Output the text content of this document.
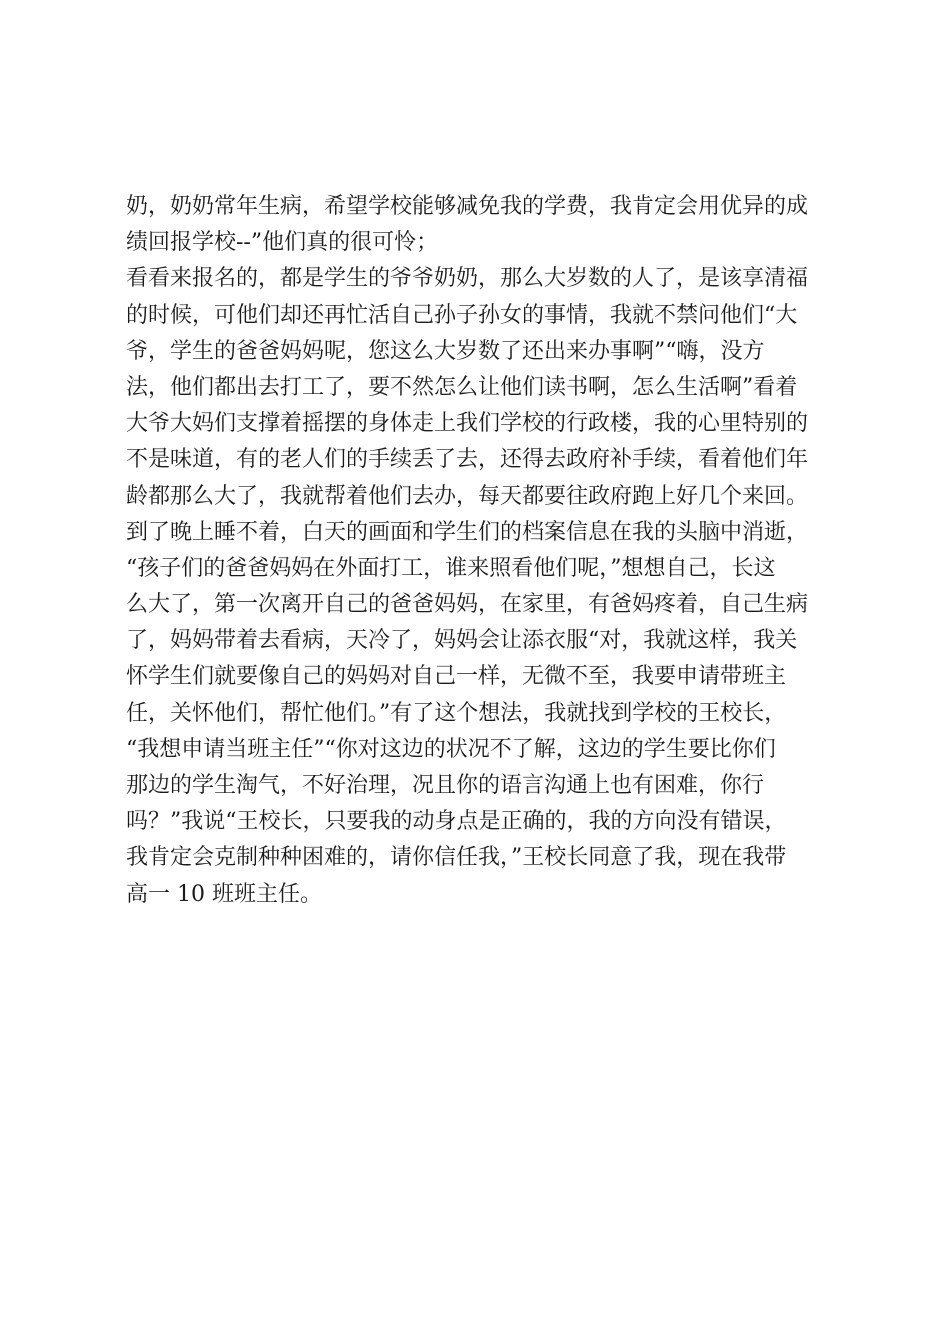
奶，奶奶常年生病，希望学校能够减免我的学费，我肯定会用优异的成
绩回报学校--”他们真的很可怜；
看看来报名的，都是学生的爷爷奶奶，那么大岁数的人了，是该享清福
的时候，可他们却还再忙活自己孙子孙女的事情，我就不禁问他们“大
爷，学生的爸爸妈妈呢，您这么大岁数了还出来办事啊”“嗨，没方
法，他们都出去打工了，要不然怎么让他们读书啊，怎么生活啊”看着
大爷大妈们支撑着摇摆的身体走上我们学校的行政楼，我的心里特别的
不是味道，有的老人们的手续丢了去，还得去政府补手续，看着他们年
龄都那么大了，我就帮着他们去办，每天都要往政府跑上好几个来回。
到了晚上睡不着，白天的画面和学生们的档案信息在我的头脑中消逝，
“孩子们的爸爸妈妈在外面打工，谁来照看他们呢，”想想自己，长这
么大了，第一次离开自己的爸爸妈妈，在家里，有爸妈疼着，自己生病
了，妈妈带着去看病，天冷了，妈妈会让添衣服“对，我就这样，我关
怀学生们就要像自己的妈妈对自己一样，无微不至，我要申请带班主
任，关怀他们，帮忙他们。”有了这个想法，我就找到学校的王校长，
“我想申请当班主任”“你对这边的状况不了解，这边的学生要比你们
那边的学生淘气，不好治理，况且你的语言沟通上也有困难，你行
吗？”我说“王校长，只要我的动身点是正确的，我的方向没有错误，
我肯定会克制种种困难的，请你信任我，”王校长同意了我，现在我带
高一 10 班班主任。
